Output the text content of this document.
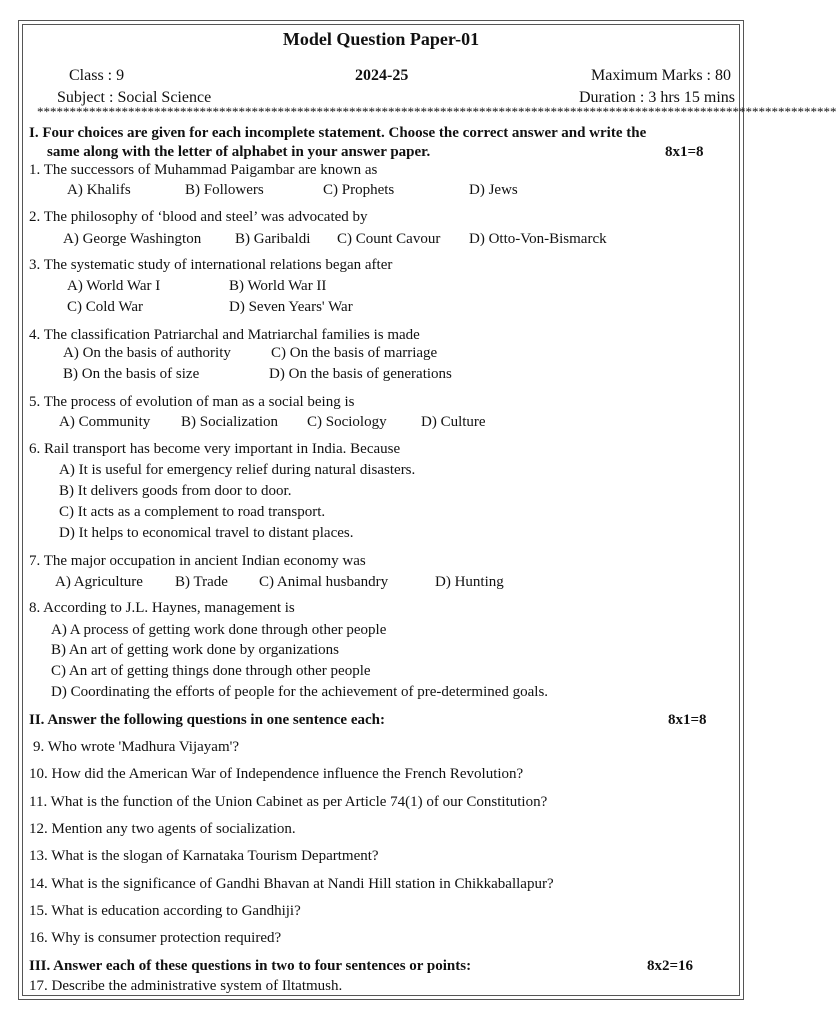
Model Question Paper-01
Class : 9	2024-25	Maximum Marks : 80
Subject : Social Science	Duration : 3 hrs 15 mins
***************************************************************************************************************************
I. Four choices are given for each incomplete statement. Choose the correct answer and write the
same along with the letter of alphabet in your answer paper.	8x1=8
1. The successors of Muhammad Paigambar are known as
A) Khalifs	B) Followers	C) Prophets	D) Jews
2. The philosophy of ‘blood and steel’ was advocated by
A) George Washington B) Garibaldi C) Count Cavour D) Otto-Von-Bismarck
3. The systematic study of international relations began after
A) World War I	B) World War II
C) Cold War	D) Seven Years' War
4. The classification Patriarchal and Matriarchal families is made
A) On the basis of authority	C) On the basis of marriage
B) On the basis of size	D) On the basis of generations
5. The process of evolution of man as a social being is
A) Community B) Socialization C) Sociology D) Culture
6. Rail transport has become very important in India. Because
A) It is useful for emergency relief during natural disasters.
B) It delivers goods from door to door.
C) It acts as a complement to road transport.
D) It helps to economical travel to distant places.
7. The major occupation in ancient Indian economy was
A) Agriculture B) Trade C) Animal husbandry	D) Hunting
8. According to J.L. Haynes, management is
A) A process of getting work done through other people
B) An art of getting work done by organizations
C) An art of getting things done through other people
D) Coordinating the efforts of people for the achievement of pre-determined goals.
II. Answer the following questions in one sentence each:	8x1=8
9. Who wrote 'Madhura Vijayam'?
10. How did the American War of Independence influence the French Revolution?
11. What is the function of the Union Cabinet as per Article 74(1) of our Constitution?
12. Mention any two agents of socialization.
13. What is the slogan of Karnataka Tourism Department?
14. What is the significance of Gandhi Bhavan at Nandi Hill station in Chikkaballapur?
15. What is education according to Gandhiji?
16. Why is consumer protection required?
III. Answer each of these questions in two to four sentences or points:	8x2=16
17. Describe the administrative system of Iltatmush.
